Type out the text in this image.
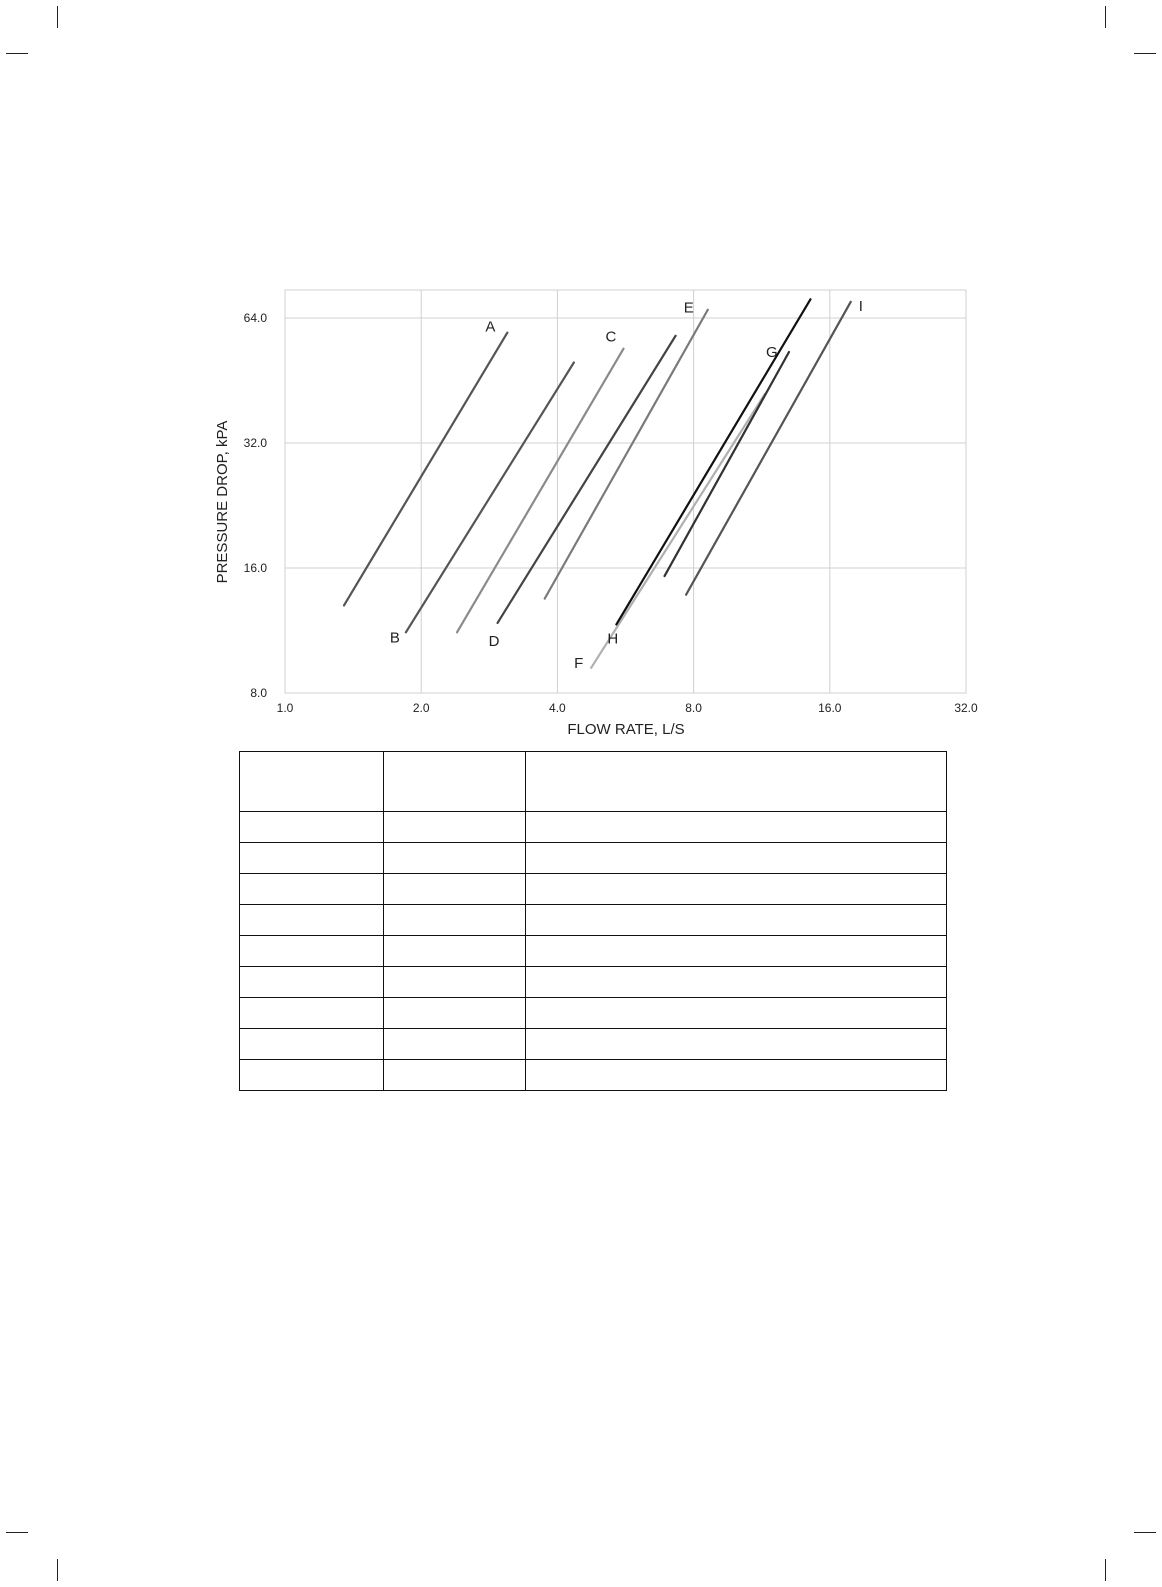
1.0	2.0	4.0	8.0	16.0	32.0
8.0
16.0
32.0
64.0
A
B
C
D
E
F
G
H
I
FLOW RATE, L/S
PRESSURE DROP, kPA
